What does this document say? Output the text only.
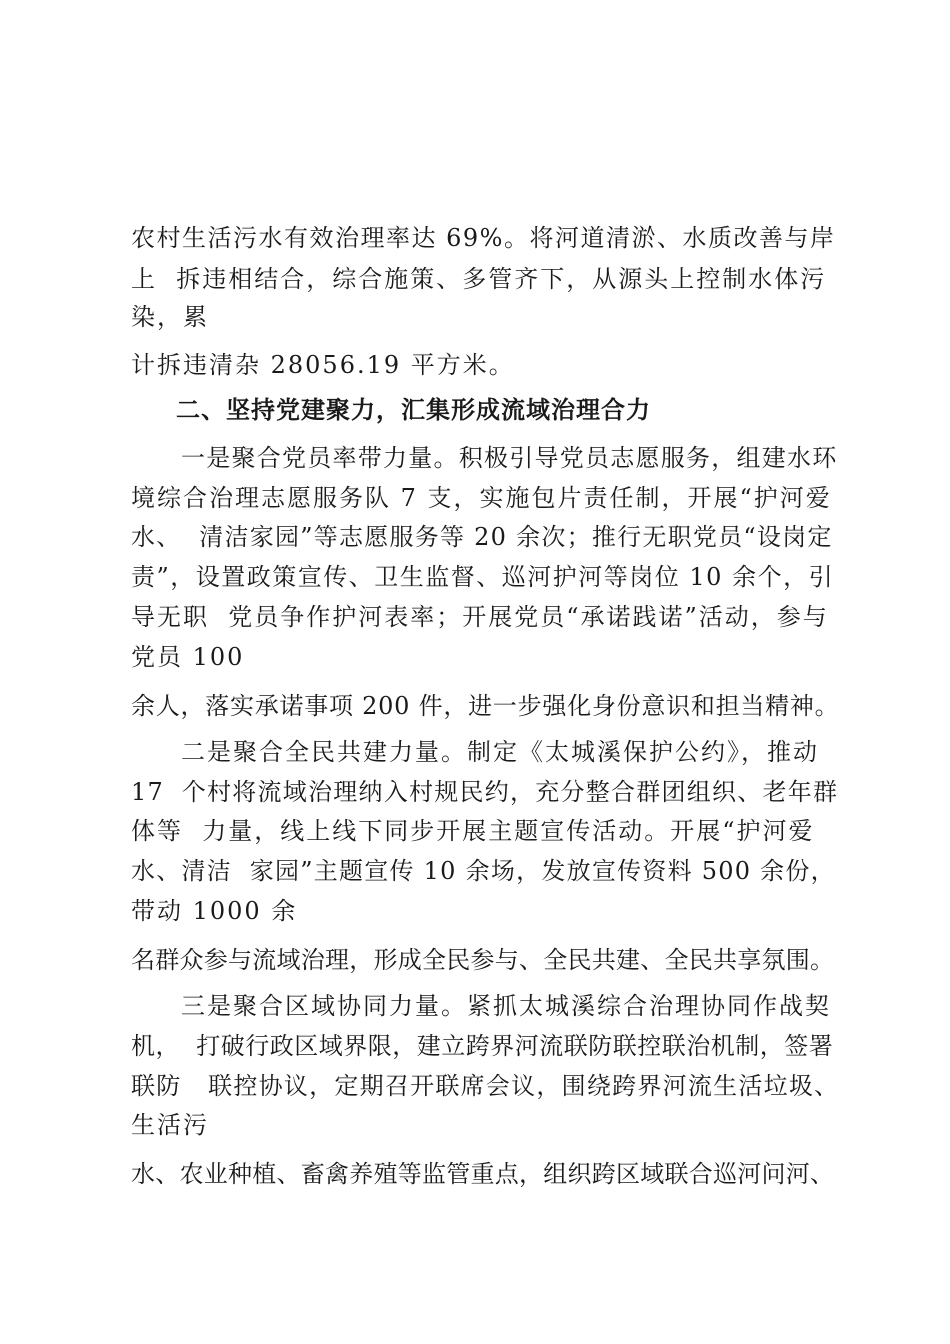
农村生活污水有效治理率达 69%。将河道清淤、水质改善与岸
上  拆违相结合，综合施策、多管齐下，从源头上控制水体污
染，累
计拆违清杂 28056.19 平方米。
二、坚持党建聚力，汇集形成流域治理合力
一是聚合党员率带力量。积极引导党员志愿服务，组建水环
境综合治理志愿服务队 7 支，实施包片责任制，开展“护河爱
水、  清洁家园”等志愿服务等 20 余次；推行无职党员“设岗定
责”，设置政策宣传、卫生监督、巡河护河等岗位 10 余个，引
导无职  党员争作护河表率；开展党员“承诺践诺”活动，参与
党员 100
余人，落实承诺事项 200 件，进一步强化身份意识和担当精神。
二是聚合全民共建力量。制定《太城溪保护公约》，推动
17  个村将流域治理纳入村规民约，充分整合群团组织、老年群
体等  力量，线上线下同步开展主题宣传活动。开展“护河爱
水、清洁  家园”主题宣传 10 余场，发放宣传资料 500 余份，
带动 1000 余
名群众参与流域治理，形成全民参与、全民共建、全民共享氛围。
三是聚合区域协同力量。紧抓太城溪综合治理协同作战契
机，  打破行政区域界限，建立跨界河流联防联控联治机制，签署
联防   联控协议，定期召开联席会议，围绕跨界河流生活垃圾、
生活污
水、农业种植、畜禽养殖等监管重点，组织跨区域联合巡河问河、
